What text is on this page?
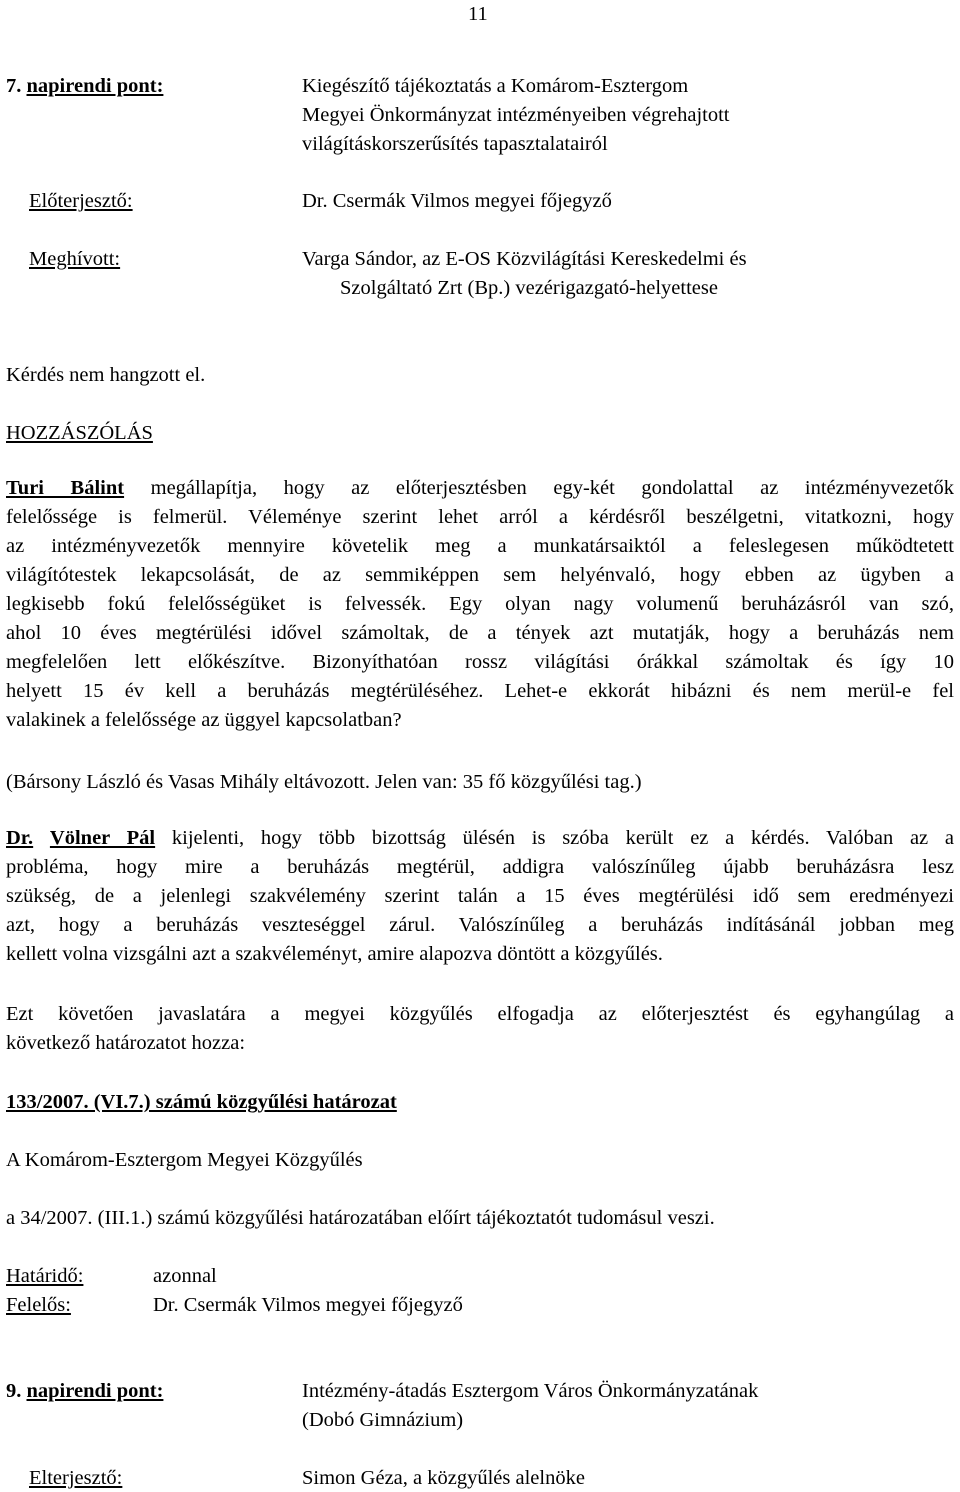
11
7. napirendi pont:	Kiegészítő tájékoztatás a Komárom-Esztergom
Megyei Önkormányzat intézményeiben végrehajtott
világításkorszerűsítés tapasztalatairól
Előterjesztő:	Dr. Csermák Vilmos megyei főjegyző
Meghívott:	Varga Sándor, az E-OS Közvilágítási Kereskedelmi és
Szolgáltató Zrt (Bp.) vezérigazgató-helyettese
Kérdés nem hangzott el.
HOZZÁSZÓLÁS
Turi Bálint megállapítja, hogy az előterjesztésben egy-két gondolattal az intézményvezetők
felelőssége is felmerül. Véleménye szerint lehet arról a kérdésről beszélgetni, vitatkozni, hogy
az intézményvezetők mennyire követelik meg a munkatársaiktól a feleslegesen működtetett
világítótestek lekapcsolását, de az semmiképpen sem helyénvaló, hogy ebben az ügyben a
legkisebb fokú felelősségüket is felvessék. Egy olyan nagy volumenű beruházásról van szó,
ahol 10 éves megtérülési idővel számoltak, de a tények azt mutatják, hogy a beruházás nem
megfelelően lett előkészítve. Bizonyíthatóan rossz világítási órákkal számoltak és így 10
helyett 15 év kell a beruházás megtérüléséhez. Lehet-e ekkorát hibázni és nem merül-e fel
valakinek a felelőssége az üggyel kapcsolatban?
(Bársony László és Vasas Mihály eltávozott. Jelen van: 35 fő közgyűlési tag.)
Dr. Völner Pál kijelenti, hogy több bizottság ülésén is szóba került ez a kérdés. Valóban az a
probléma, hogy mire a beruházás megtérül, addigra valószínűleg újabb beruházásra lesz
szükség, de a jelenlegi szakvélemény szerint talán a 15 éves megtérülési idő sem eredményezi
azt, hogy a beruházás veszteséggel zárul. Valószínűleg a beruházás indításánál jobban meg
kellett volna vizsgálni azt a szakvéleményt, amire alapozva döntött a közgyűlés.
Ezt követően javaslatára a megyei közgyűlés elfogadja az előterjesztést és egyhangúlag a
következő határozatot hozza:
133/2007. (VI.7.) számú közgyűlési határozat
A Komárom-Esztergom Megyei Közgyűlés
a 34/2007. (III.1.) számú közgyűlési határozatában előírt tájékoztatót tudomásul veszi.
Határidő:	azonnal
Felelős:	Dr. Csermák Vilmos megyei főjegyző
9. napirendi pont:	Intézmény-átadás Esztergom Város Önkormányzatának
(Dobó Gimnázium)
Elterjesztő:	Simon Géza, a közgyűlés alelnöke
